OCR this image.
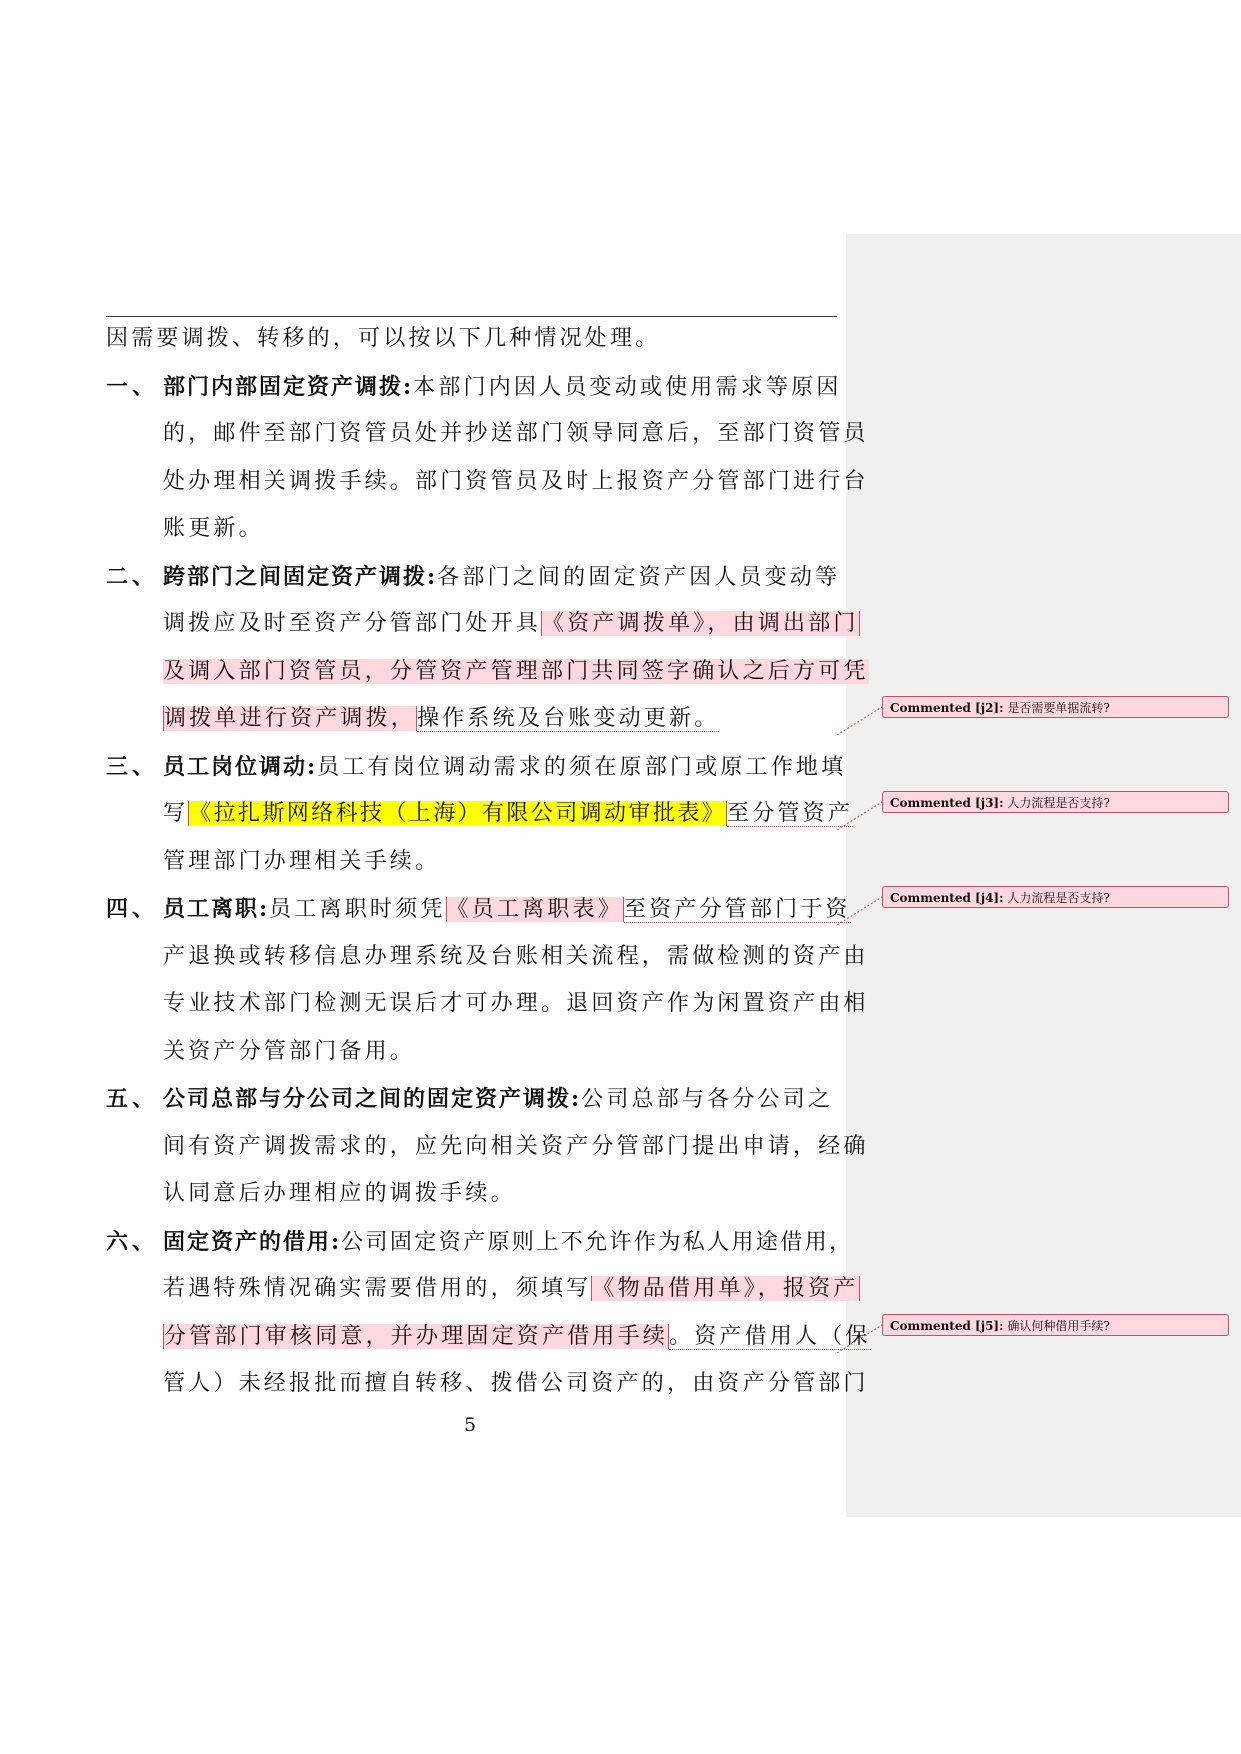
因需要调拨、转移的，可以按以下几种情况处理。
一、 部门内部固定资产调拨:本部门内因人员变动或使用需求等原因
的，邮件至部门资管员处并抄送部门领导同意后，至部门资管员
处办理相关调拨手续。部门资管员及时上报资产分管部门进行台
账更新。
二、 跨部门之间固定资产调拨:各部门之间的固定资产因人员变动等
调拨应及时至资产分管部门处开具《资产调拨单》，由调出部门
及调入部门资管员，分管资产管理部门共同签字确认之后方可凭
调拨单进行资产调拨，操作系统及台账变动更新。
三、 员工岗位调动:员工有岗位调动需求的须在原部门或原工作地填
写《拉扎斯网络科技（上海）有限公司调动审批表》至分管资产
管理部门办理相关手续。
四、 员工离职:员工离职时须凭《员工离职表》至资产分管部门于资
产退换或转移信息办理系统及台账相关流程，需做检测的资产由
专业技术部门检测无误后才可办理。退回资产作为闲置资产由相
关资产分管部门备用。
五、 公司总部与分公司之间的固定资产调拨:公司总部与各分公司之
间有资产调拨需求的，应先向相关资产分管部门提出申请，经确
认同意后办理相应的调拨手续。
六、 固定资产的借用:公司固定资产原则上不允许作为私人用途借用，
若遇特殊情况确实需要借用的，须填写《物品借用单》，报资产
分管部门审核同意，并办理固定资产借用手续。资产借用人（保
管人）未经报批而擅自转移、拨借公司资产的，由资产分管部门
5
Commented [j2]: 是否需要单据流转?
Commented [j3]: 人力流程是否支持?
Commented [j4]: 人力流程是否支持?
Commented [j5]: 确认何种借用手续?
